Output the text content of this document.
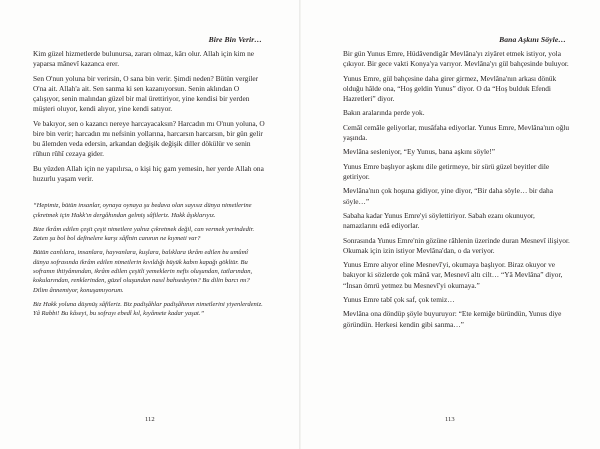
Bire Bin Verir…

Kim güzel hizmetlerde bulunursa, zararı olmaz, kârı olur. Allah için kim ne yaparsa mânevî kazanca erer.

Sen O'nun yoluna bir verirsin, O sana bin verir. Şimdi neden? Bütün vergiler O'na ait. Allah'a ait. Sen sanma ki sen kazanıyorsun. Senin aklından O çalışıyor, senin malından güzel bir mal ürettiriyor, yine kendisi bir yerden müşteri oluyor, kendi alıyor, yine kendi satıyor.

Ve bakıyor, sen o kazancı nereye harcayacaksın? Harcadın mı O'nun yoluna, O bire bin verir; harcadın mı nefsinin yollarına, harcarsın harcarsın, bir gün gelir bu âlemden veda edersin, arkandan değişik değişik diller dökülür ve senin rûhun rûhî cezaya gider.

Bu yüzden Allah için ne yapılırsa, o kişi hiç gam yemesin, her yerde Allah ona huzurlu yaşam verir.

“Hepimiz, bütün insanlar, oynaya oynaya şu bedava olan sayısız dünya nimetlerine çıkretmek için Hakk'ın dergâhından gelmiş sâfileriz. Hakk âşıklarıyız.

Bize ikrâm edilen çeşit çeşit nimetlere yalnız çıkretmek değil, can vermek yerindedir. Zaten şu bol bol definelere karşı sâfînin canının ne kıymeti var?

Bütün canlılara, insanlara, hayvanlara, kuşlara, balıklara ikrâm edilen bu umûmî dünya sofrasında ikrâm edilen nimetlerin kıvıldığı büyük kabın kapağı gökltür. Bu sofranın ihtiyâmından, ikrâm edilen çeşitli yemeklerin nefis oluşundan, tatlarından, kokularından, renklerinden, güzel oluşundan nasıl bahsedeyim? Bu dilin barcı mı? Dilim ânnemiyor, konuşamıyorum.

Biz Hakk yoluna düşmüş sâfileriz. Biz padişâhlar padişâhının nimetlerini yiyenlerdeniz. Yâ Rabbi! Bu kâseyi, bu sofrayı ebedî kıl, kıyâmete kadar yaşat.”

112
Bana Aşkını Söyle…

Bir gün Yunus Emre, Hüdâvendigâr Mevlâna'yı ziyâret etmek istiyor, yola çıkıyor. Bir gece vakti Konya'ya varıyor. Mevlâna'yı gül bahçesinde buluyor.

Yunus Emre, gül bahçesine daha girer girmez, Mevlâna'nın arkası dönük olduğu hâlde ona, “Hoş geldin Yunus” diyor. O da “Hoş bulduk Efendi Hazretleri” diyor.

Bakın aralarında perde yok.

Cemâl cemâle geliyorlar, musâfaha ediyorlar. Yunus Emre, Mevlâna'nın oğlu yaşında.

Mevlâna sesleniyor, “Ey Yunus, bana aşkını söyle!”

Yunus Emre başlıyor aşkını dile getirmeye, bir sürü güzel beyitler dile getiriyor.

Mevlâna'nın çok hoşuna gidiyor, yine diyor, “Bir daha söyle… bir daha söyle…”

Sabaha kadar Yunus Emre'yi söylettiriyor. Sabah ezanı okunuyor, namazlarını edâ ediyorlar.

Sonrasında Yunus Emre'nin gözüne râhlenin üzerinde duran Mesnevî ilişiyor. Okumak için izin istiyor Mevlâna'dan, o da veriyor.

Yunus Emre alıyor eline Mesnevî'yi, okumaya başlıyor. Biraz okuyor ve bakıyor ki sözlerde çok mânâ var, Mesnevî altı cilt… “Yâ Mevlâna” diyor, “İnsan ömrü yetmez bu Mesnevî'yi okumaya.”

Yunus Emre tabî çok saf, çok temiz…

Mevlâna ona döndüp şöyle buyuruyor: “Ete kemiğe büründün, Yunus diye göründün. Herkesi kendin gibi sanma…”

113
